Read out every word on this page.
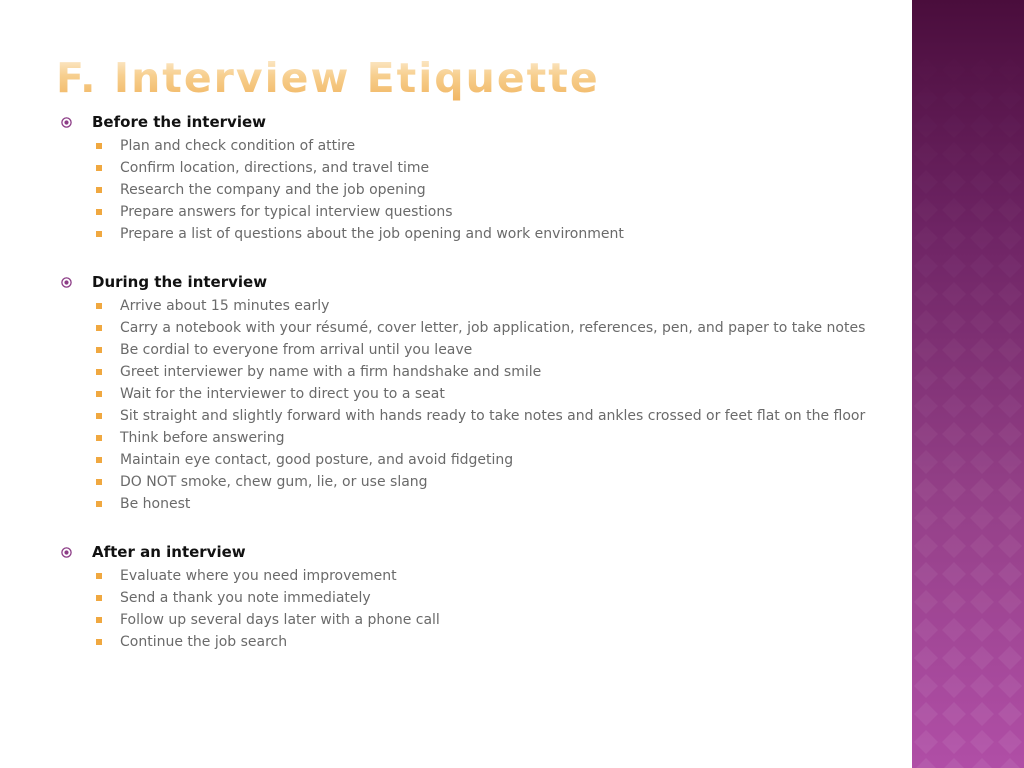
F. Interview Etiquette
Before the interview
Plan and check condition of attire
Confirm location, directions, and travel time
Research the company and the job opening
Prepare answers for typical interview questions
Prepare a list of questions about the job opening and work environment
During the interview
Arrive about 15 minutes early
Carry a notebook with your résumé, cover letter, job application, references, pen, and paper to take notes
Be cordial to everyone from arrival until you leave
Greet interviewer by name with a firm handshake and smile
Wait for the interviewer to direct you to a seat
Sit straight and slightly forward with hands ready to take notes and ankles crossed or feet flat on the floor
Think before answering
Maintain eye contact, good posture, and avoid fidgeting
DO NOT smoke, chew gum, lie, or use slang
Be honest
After an interview
Evaluate where you need improvement
Send a thank you note immediately
Follow up several days later with a phone call
Continue the job search
